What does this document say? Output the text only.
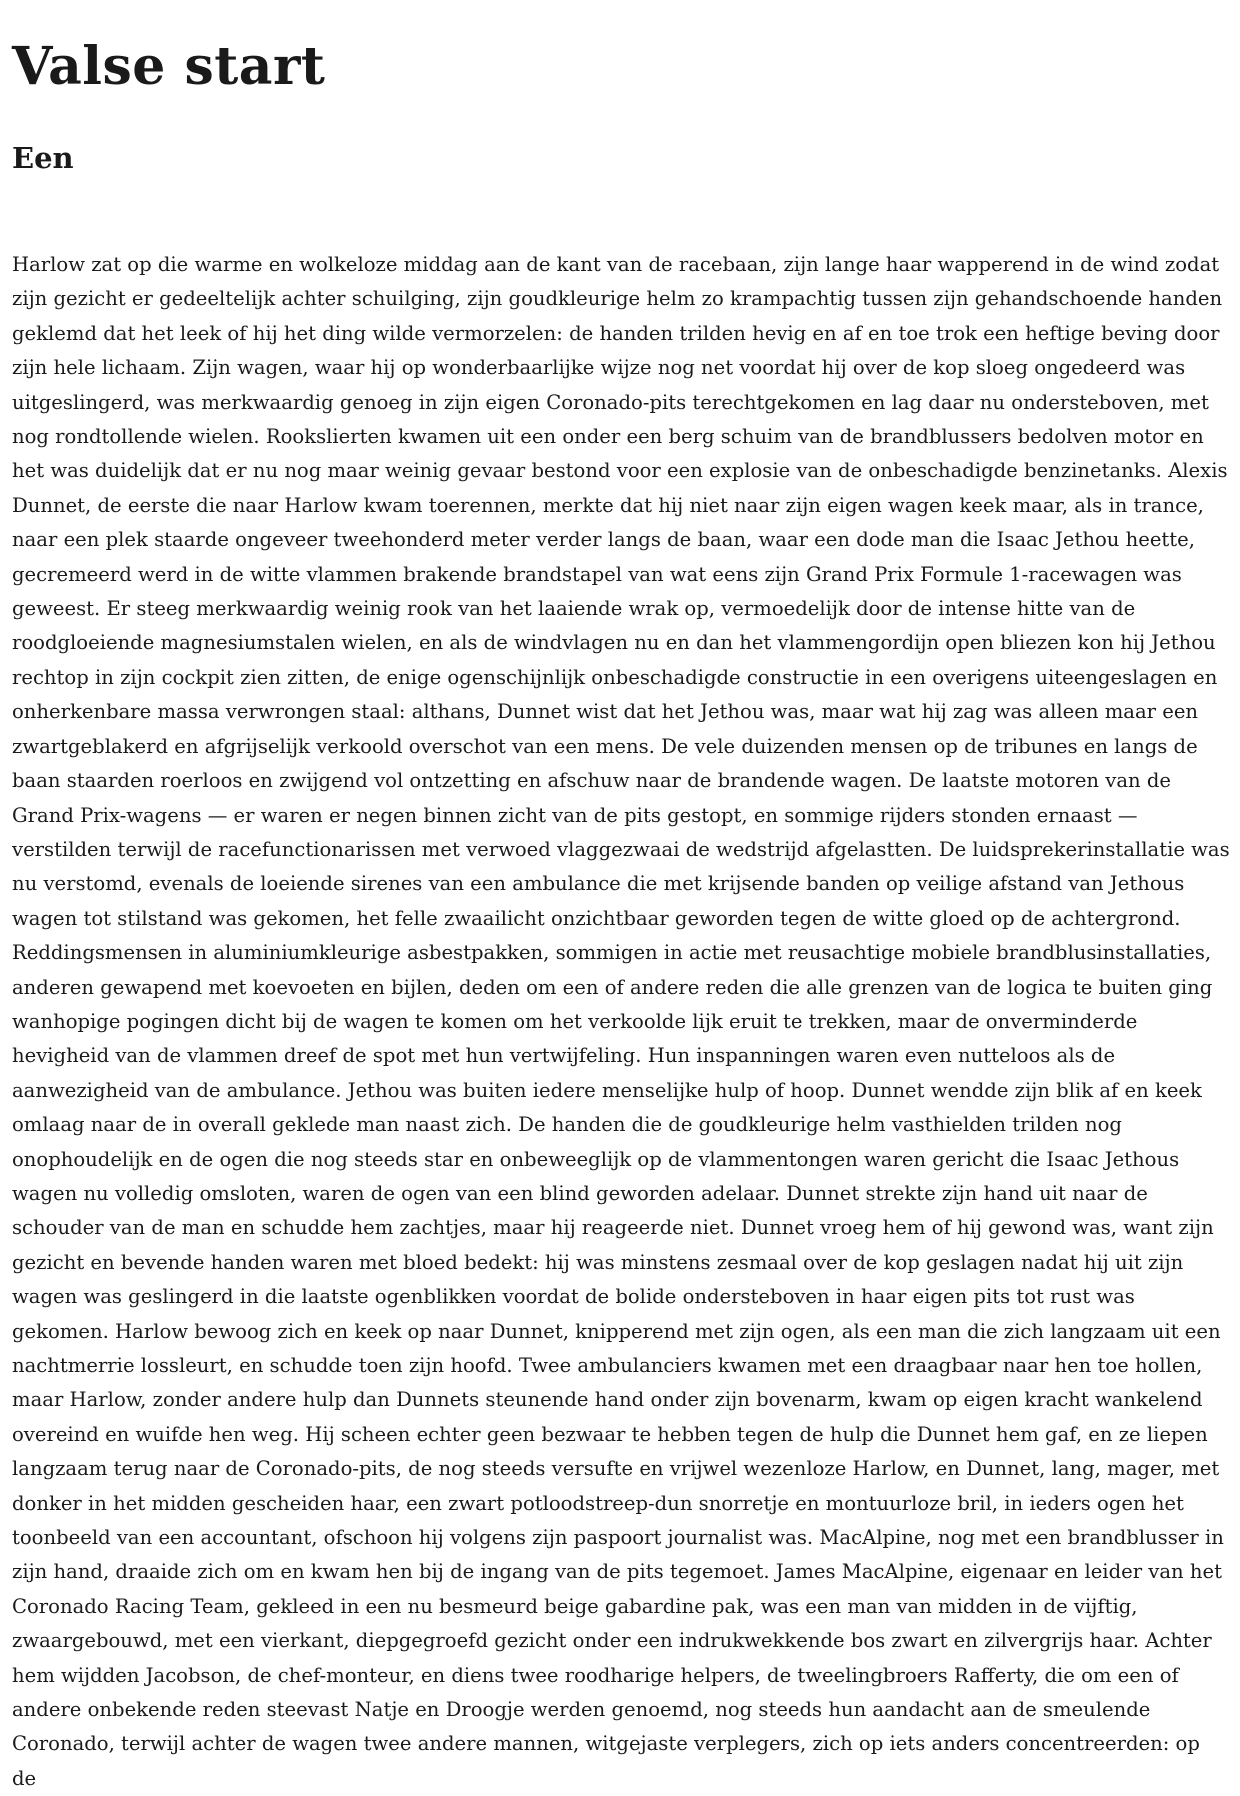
Valse start
Een

Harlow zat op die warme en wolkeloze middag aan de kant van de racebaan, zijn lange haar wapperend in de wind zodat zijn gezicht er gedeeltelijk achter schuilging, zijn goudkleurige helm zo krampachtig tussen zijn gehandschoende handen geklemd dat het leek of hij het ding wilde vermorzelen: de handen trilden hevig en af en toe trok een heftige beving door zijn hele lichaam. Zijn wagen, waar hij op wonderbaarlijke wijze nog net voordat hij over de kop sloeg ongedeerd was uitgeslingerd, was merkwaardig genoeg in zijn eigen Coronado-pits terechtgekomen en lag daar nu ondersteboven, met nog rondtollende wielen. Rookslierten kwamen uit een onder een berg schuim van de brandblussers bedolven motor en het was duidelijk dat er nu nog maar weinig gevaar bestond voor een explosie van de onbeschadigde benzinetanks. Alexis Dunnet, de eerste die naar Harlow kwam toerennen, merkte dat hij niet naar zijn eigen wagen keek maar, als in trance, naar een plek staarde ongeveer tweehonderd meter verder langs de baan, waar een dode man die Isaac Jethou heette, gecremeerd werd in de witte vlammen brakende brandstapel van wat eens zijn Grand Prix Formule 1-racewagen was geweest. Er steeg merkwaardig weinig rook van het laaiende wrak op, vermoedelijk door de intense hitte van de roodgloeiende magnesiumstalen wielen, en als de windvlagen nu en dan het vlammengordijn open bliezen kon hij Jethou rechtop in zijn cockpit zien zitten, de enige ogenschijnlijk onbeschadigde constructie in een overigens uiteengeslagen en onherkenbare massa verwrongen staal: althans, Dunnet wist dat het Jethou was, maar wat hij zag was alleen maar een zwartgeblakerd en afgrijselijk verkoold overschot van een mens. De vele duizenden mensen op de tribunes en langs de baan staarden roerloos en zwijgend vol ontzetting en afschuw naar de brandende wagen. De laatste motoren van de Grand Prix-wagens — er waren er negen binnen zicht van de pits gestopt, en sommige rijders stonden ernaast — verstilden terwijl de racefunctionarissen met verwoed vlaggezwaai de wedstrijd afgelastten. De luidsprekerinstallatie was nu verstomd, evenals de loeiende sirenes van een ambulance die met krijsende banden op veilige afstand van Jethous wagen tot stilstand was gekomen, het felle zwaailicht onzichtbaar geworden tegen de witte gloed op de achtergrond. Reddingsmensen in aluminiumkleurige asbestpakken, sommigen in actie met reusachtige mobiele brandblusinstallaties, anderen gewapend met koevoeten en bijlen, deden om een of andere reden die alle grenzen van de logica te buiten ging wanhopige pogingen dicht bij de wagen te komen om het verkoolde lijk eruit te trekken, maar de onverminderde hevigheid van de vlammen dreef de spot met hun vertwijfeling. Hun inspanningen waren even nutteloos als de aanwezigheid van de ambulance. Jethou was buiten iedere menselijke hulp of hoop. Dunnet wendde zijn blik af en keek omlaag naar de in overall geklede man naast zich. De handen die de goudkleurige helm vasthielden trilden nog onophoudelijk en de ogen die nog steeds star en onbeweeglijk op de vlammentongen waren gericht die Isaac Jethous wagen nu volledig omsloten, waren de ogen van een blind geworden adelaar. Dunnet strekte zijn hand uit naar de schouder van de man en schudde hem zachtjes, maar hij reageerde niet. Dunnet vroeg hem of hij gewond was, want zijn gezicht en bevende handen waren met bloed bedekt: hij was minstens zesmaal over de kop geslagen nadat hij uit zijn wagen was geslingerd in die laatste ogenblikken voordat de bolide ondersteboven in haar eigen pits tot rust was gekomen. Harlow bewoog zich en keek op naar Dunnet, knipperend met zijn ogen, als een man die zich langzaam uit een nachtmerrie lossleurt, en schudde toen zijn hoofd. Twee ambulanciers kwamen met een draagbaar naar hen toe hollen, maar Harlow, zonder andere hulp dan Dunnets steunende hand onder zijn bovenarm, kwam op eigen kracht wankelend overeind en wuifde hen weg. Hij scheen echter geen bezwaar te hebben tegen de hulp die Dunnet hem gaf, en ze liepen langzaam terug naar de Coronado-pits, de nog steeds versufte en vrijwel wezenloze Harlow, en Dunnet, lang, mager, met donker in het midden gescheiden haar, een zwart potloodstreep-dun snorretje en montuurloze bril, in ieders ogen het toonbeeld van een accountant, ofschoon hij volgens zijn paspoort journalist was. MacAlpine, nog met een brandblusser in zijn hand, draaide zich om en kwam hen bij de ingang van de pits tegemoet. James MacAlpine, eigenaar en leider van het Coronado Racing Team, gekleed in een nu besmeurd beige gabardine pak, was een man van midden in de vijftig, zwaargebouwd, met een vierkant, diepgegroefd gezicht onder een indrukwekkende bos zwart en zilvergrijs haar. Achter hem wijdden Jacobson, de chef-monteur, en diens twee roodharige helpers, de tweelingbroers Rafferty, die om een of andere onbekende reden steevast Natje en Droogje werden genoemd, nog steeds hun aandacht aan de smeulende Coronado, terwijl achter de wagen twee andere mannen, witgejaste verplegers, zich op iets anders concentreerden: op de
